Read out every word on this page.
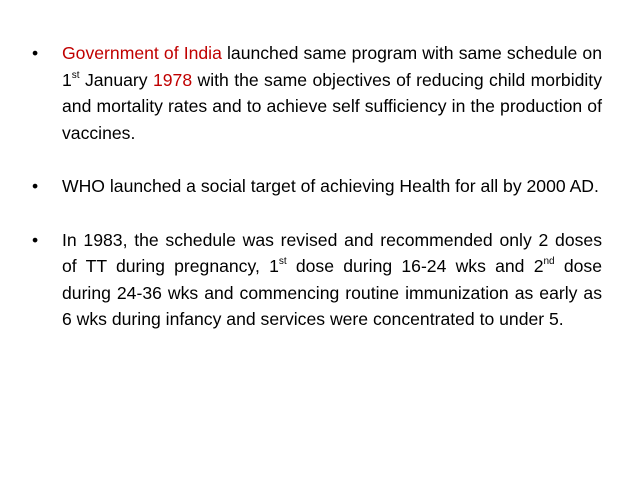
•	Government of India launched same program with same schedule on 1st January 1978 with the same objectives of reducing child morbidity and mortality rates and to achieve self sufficiency in the production of vaccines.
•	WHO launched a social target of achieving Health for all by 2000 AD.
•	In 1983, the schedule was revised and recommended only 2 doses of TT during pregnancy, 1st dose during 16-24 wks and 2nd dose during 24-36 wks and commencing routine immunization as early as 6 wks during infancy and services were concentrated to under 5.
